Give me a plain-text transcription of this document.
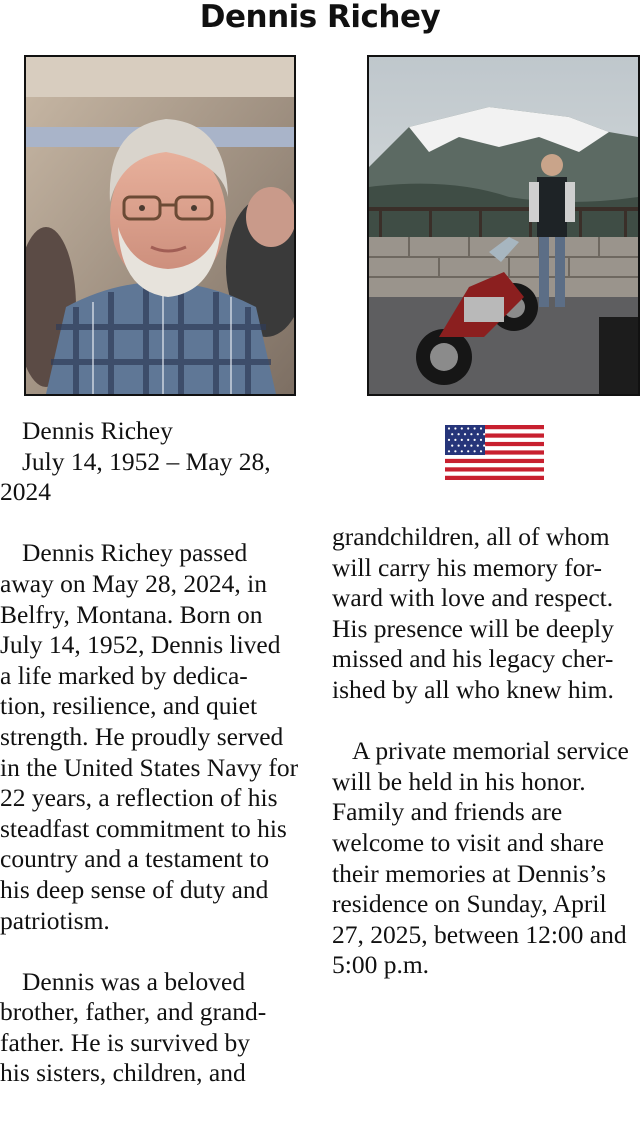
Dennis Richey

Dennis Richey

July 14, 1952 – May 28,

2024

Dennis Richey passed

away on May 28, 2024, in

Belfry, Montana. Born on

July 14, 1952, Dennis lived

a life marked by dedica-

tion, resilience, and quiet

strength. He proudly served

in the United States Navy for

22 years, a reflection of his

steadfast commitment to his

country and a testament to

his deep sense of duty and

patriotism.

Dennis was a beloved

brother, father, and grand-

father. He is survived by

his sisters, children, and

grandchildren, all of whom

will carry his memory for-

ward with love and respect.

His presence will be deeply

missed and his legacy cher-

ished by all who knew him.

A private memorial service

will be held in his honor.

Family and friends are

welcome to visit and share

their memories at Dennis’s

residence on Sunday, April

27, 2025, between 12:00 and

5:00 p.m.
